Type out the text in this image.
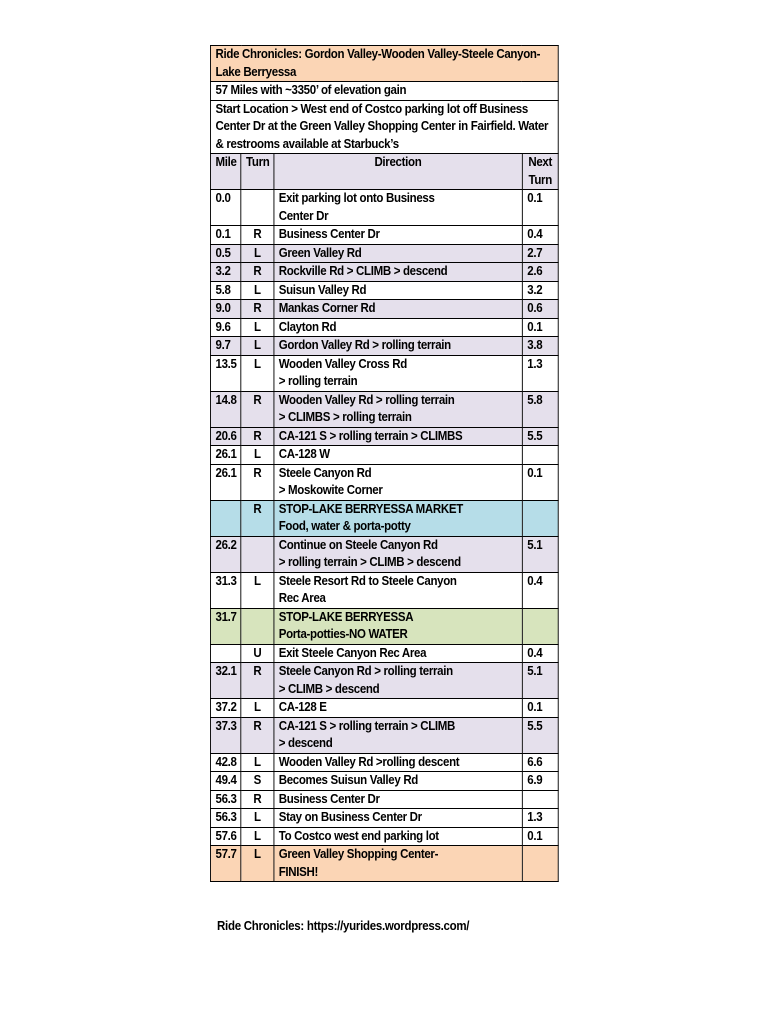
Ride Chronicles: Gordon Valley-Wooden Valley-Steele Canyon-Lake Berryessa			
57 Miles with ~3350’ of elevation gain			
Start Location > West end of Costco parking lot off Business Center Dr at the Green Valley Shopping Center in Fairfield. Water & restrooms available at Starbuck’s			
Mile	Turn	Direction	Next
Turn
0.0		Exit parking lot onto Business
Center Dr	0.1
0.1	R	Business Center Dr	0.4
0.5	L	Green Valley Rd	2.7
3.2	R	Rockville Rd > CLIMB > descend	2.6
5.8	L	Suisun Valley Rd	3.2
9.0	R	Mankas Corner Rd	0.6
9.6	L	Clayton Rd	0.1
9.7	L	Gordon Valley Rd > rolling terrain	3.8
13.5	L	Wooden Valley Cross Rd
> rolling terrain	1.3
14.8	R	Wooden Valley Rd > rolling terrain
> CLIMBS > rolling terrain	5.8
20.6	R	CA-121 S > rolling terrain > CLIMBS	5.5
26.1	L	CA-128 W	
26.1	R	Steele Canyon Rd
> Moskowite Corner	0.1
	R	STOP-LAKE BERRYESSA MARKET
Food, water & porta-potty	
26.2		Continue on Steele Canyon Rd
> rolling terrain > CLIMB > descend	5.1
31.3	L	Steele Resort Rd to Steele Canyon
Rec Area	0.4
31.7		STOP-LAKE BERRYESSA
Porta-potties-NO WATER	
	U	Exit Steele Canyon Rec Area	0.4
32.1	R	Steele Canyon Rd > rolling terrain
> CLIMB > descend	5.1
37.2	L	CA-128 E	0.1
37.3	R	CA-121 S > rolling terrain > CLIMB
> descend	5.5
42.8	L	Wooden Valley Rd >rolling descent	6.6
49.4	S	Becomes Suisun Valley Rd	6.9
56.3	R	Business Center Dr	
56.3	L	Stay on Business Center Dr	1.3
57.6	L	To Costco west end parking lot	0.1
57.7	L	Green Valley Shopping Center-
FINISH!	
Ride Chronicles: https://yurides.wordpress.com/
